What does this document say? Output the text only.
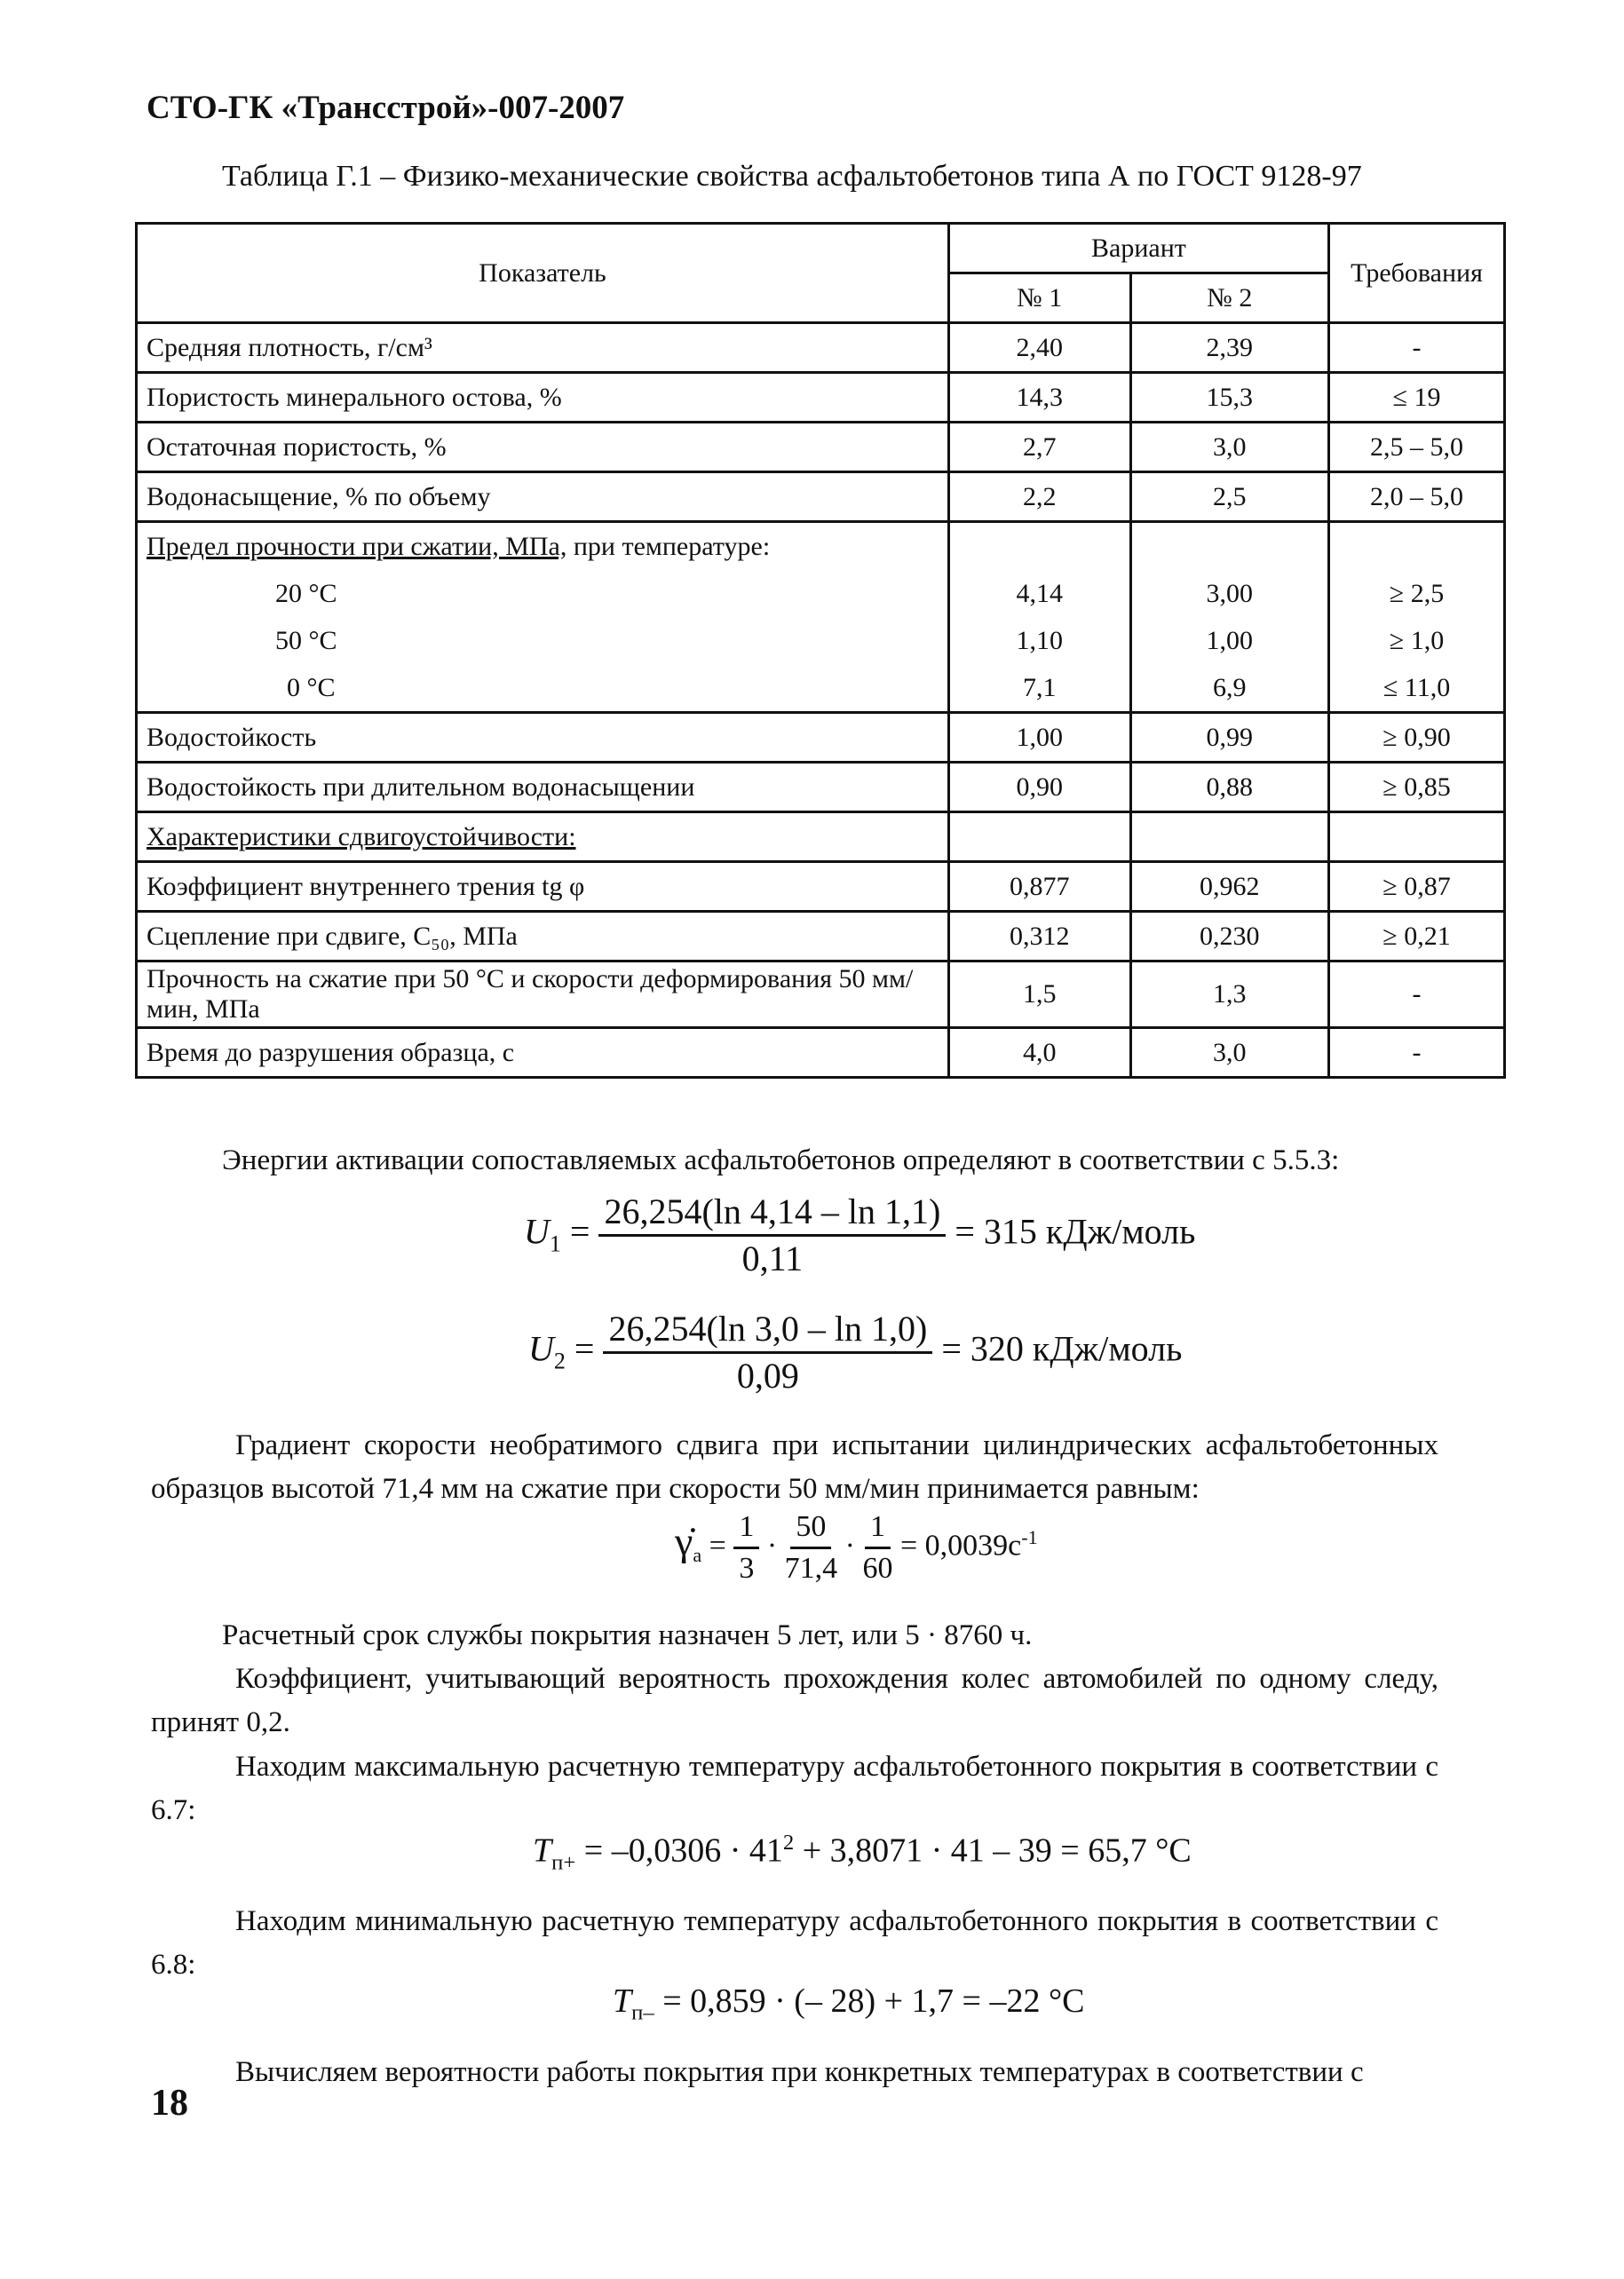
СТО-ГК «Трансстрой»-007-2007
Таблица Г.1 – Физико-механические свойства асфальтобетонов типа А по ГОСТ 9128-97
Показатель	Вариант		Требования
	№ 1	№ 2	
Средняя плотность, г/см³	2,40	2,39	-
Пористость минерального остова, %	14,3	15,3	≤ 19
Остаточная пористость, %	2,7	3,0	2,5 – 5,0
Водонасыщение, % по объему	2,2	2,5	2,0 – 5,0
Предел прочности при сжатии, МПа, при температуре:			
20 °С	4,14	3,00	≥ 2,5
50 °С	1,10	1,00	≥ 1,0
0 °С	7,1	6,9	≤ 11,0
Водостойкость	1,00	0,99	≥ 0,90
Водостойкость при длительном водонасыщении	0,90	0,88	≥ 0,85
Характеристики сдвигоустойчивости:			
Коэффициент внутреннего трения tg φ	0,877	0,962	≥ 0,87
Сцепление при сдвиге, C₅₀, МПа	0,312	0,230	≥ 0,21
Прочность на сжатие при 50 °С и скорости деформирования 50 мм/мин, МПа	1,5	1,3	-
Время до разрушения образца, с	4,0	3,0	-
Энергии активации сопоставляемых асфальтобетонов определяют в соответствии с 5.5.3:
$U_1 = \frac{26,254(\ln 4,14 - \ln 1,1)}{0,11} = 315$ кДж/моль
$U_2 = \frac{26,254(\ln 3,0 - \ln 1,0)}{0,09} = 320$ кДж/моль
Градиент скорости необратимого сдвига при испытании цилиндрических асфальтобетонных образцов высотой 71,4 мм на сжатие при скорости 50 мм/мин принимается равным:
$\gammȧ_a = \frac{1}{3} \cdot \frac{50}{71,4} \cdot \frac{1}{60} = 0,0039с^{-1}$
Расчетный срок службы покрытия назначен 5 лет, или 5 · 8760 ч.
Коэффициент, учитывающий вероятность прохождения колес автомобилей по одному следу, принят 0,2.
Находим максимальную расчетную температуру асфальтобетонного покрытия в соответствии с 6.7:
$T_{п+} = -0,0306 \cdot 41^2 + 3,8071 \cdot 41 - 39 = 65,7$ °C
Находим минимальную расчетную температуру асфальтобетонного покрытия в соответствии с 6.8:
$T_{п-} = 0,859$ · (– 28) + 1,7 = –22 °C
Вычисляем вероятности работы покрытия при конкретных температурах в соответствии с
18
